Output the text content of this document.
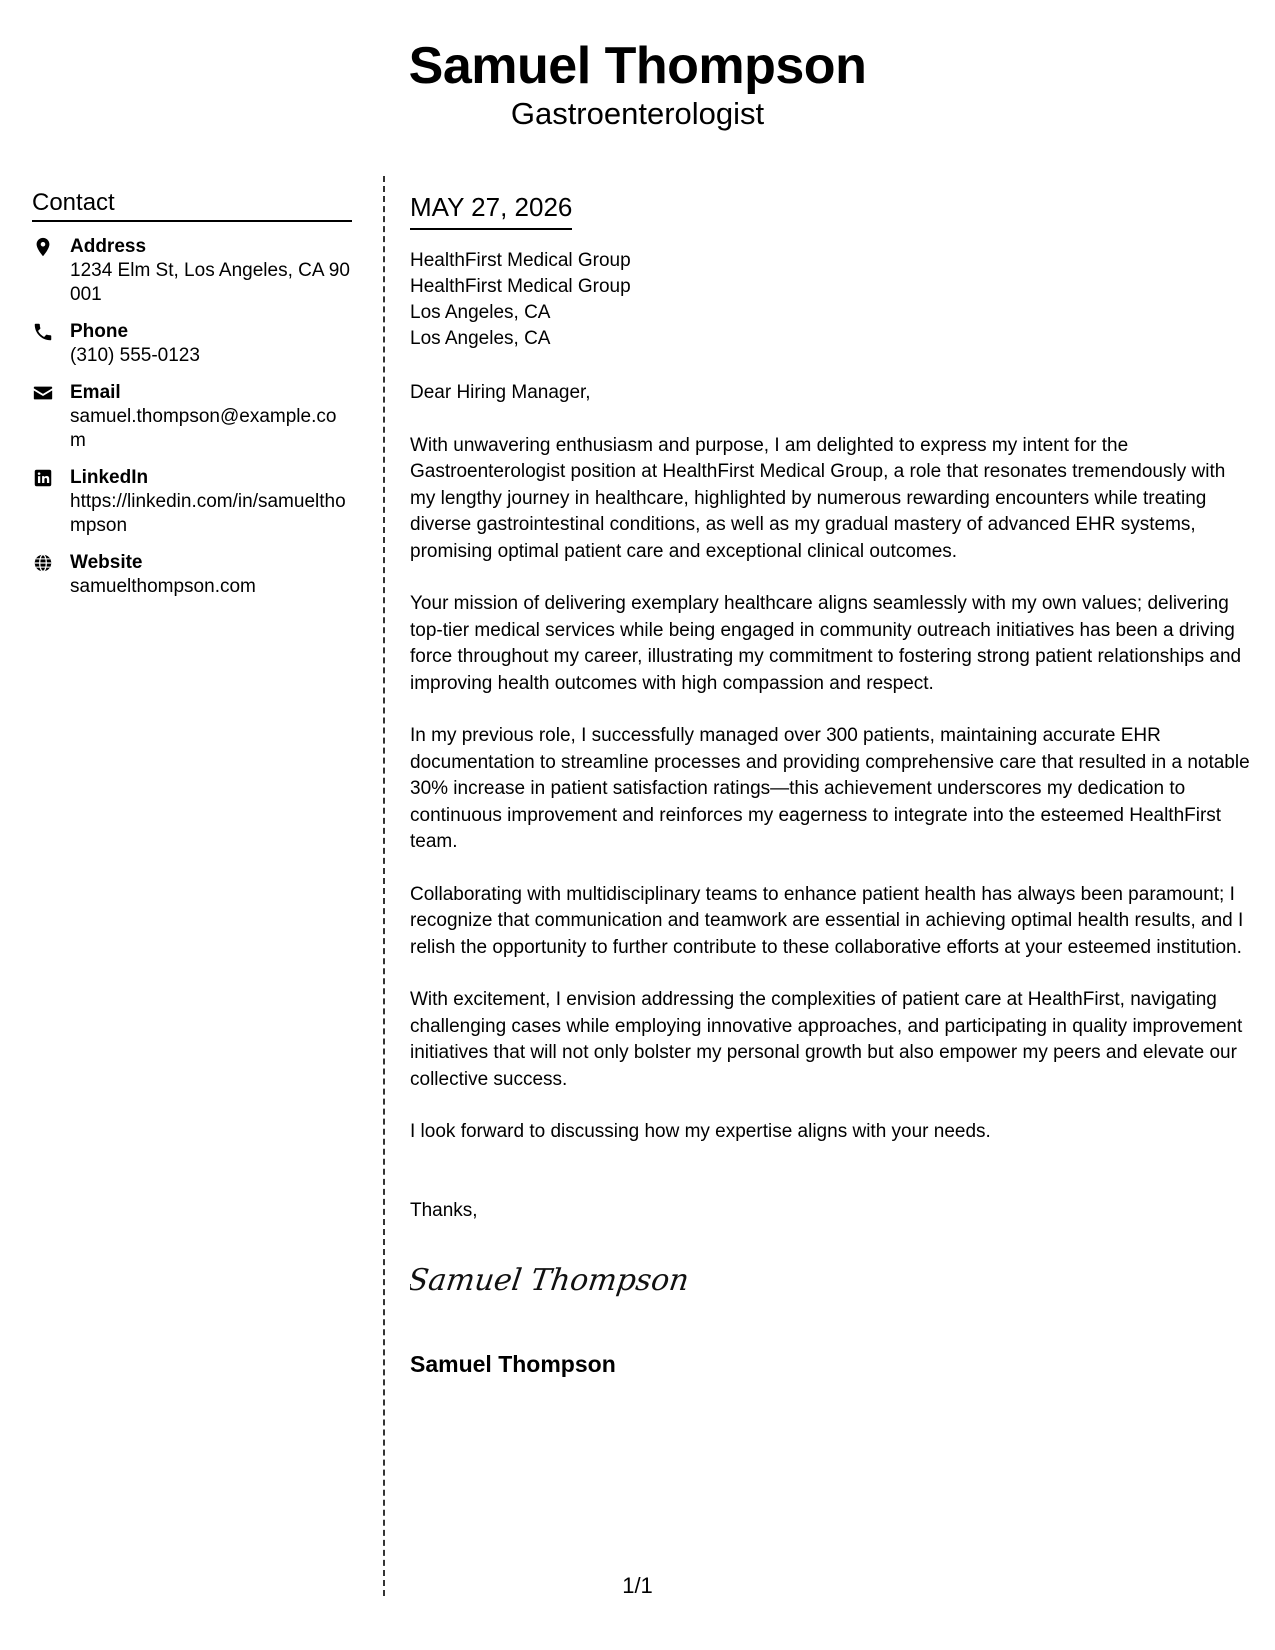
Samuel Thompson
Gastroenterologist
Contact
Address
1234 Elm St, Los Angeles, CA 90001
Phone
(310) 555-0123
Email
samuel.thompson@example.com
LinkedIn
https://linkedin.com/in/samuelthompson
Website
samuelthompson.com
MAY 27, 2026
HealthFirst Medical Group
HealthFirst Medical Group
Los Angeles, CA
Los Angeles, CA
Dear Hiring Manager,
With unwavering enthusiasm and purpose, I am delighted to express my intent for the Gastroenterologist position at HealthFirst Medical Group, a role that resonates tremendously with my lengthy journey in healthcare, highlighted by numerous rewarding encounters while treating diverse gastrointestinal conditions, as well as my gradual mastery of advanced EHR systems, promising optimal patient care and exceptional clinical outcomes.
Your mission of delivering exemplary healthcare aligns seamlessly with my own values; delivering top-tier medical services while being engaged in community outreach initiatives has been a driving force throughout my career, illustrating my commitment to fostering strong patient relationships and improving health outcomes with high compassion and respect.
In my previous role, I successfully managed over 300 patients, maintaining accurate EHR documentation to streamline processes and providing comprehensive care that resulted in a notable 30% increase in patient satisfaction ratings—this achievement underscores my dedication to continuous improvement and reinforces my eagerness to integrate into the esteemed HealthFirst team.
Collaborating with multidisciplinary teams to enhance patient health has always been paramount; I recognize that communication and teamwork are essential in achieving optimal health results, and I relish the opportunity to further contribute to these collaborative efforts at your esteemed institution.
With excitement, I envision addressing the complexities of patient care at HealthFirst, navigating challenging cases while employing innovative approaches, and participating in quality improvement initiatives that will not only bolster my personal growth but also empower my peers and elevate our collective success.
I look forward to discussing how my expertise aligns with your needs.
Thanks,
Samuel Thompson
Samuel Thompson
1/1
